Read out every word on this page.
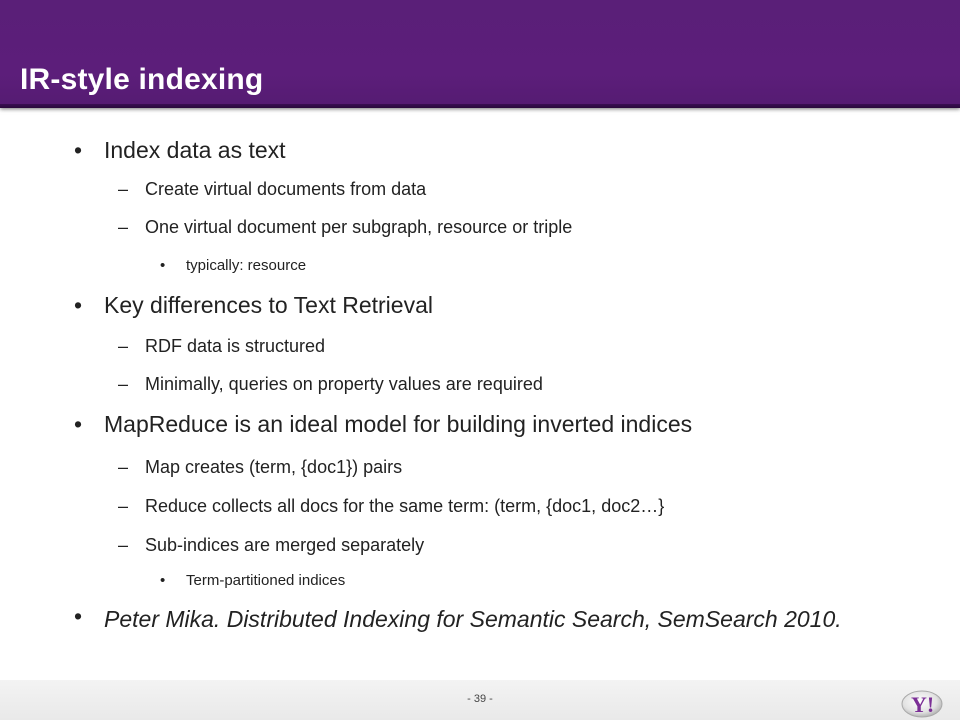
IR-style indexing
• Index data as text
– Create virtual documents from data
– One virtual document per subgraph, resource or triple
• typically: resource
• Key differences to Text Retrieval
– RDF data is structured
– Minimally, queries on property values are required
• MapReduce is an ideal model for building inverted indices
– Map creates (term, {doc1}) pairs
– Reduce collects all docs for the same term: (term, {doc1, doc2…}
– Sub-indices are merged separately
• Term-partitioned indices
• Peter Mika. Distributed Indexing for Semantic Search, SemSearch 2010.
- 39 -	Y!
